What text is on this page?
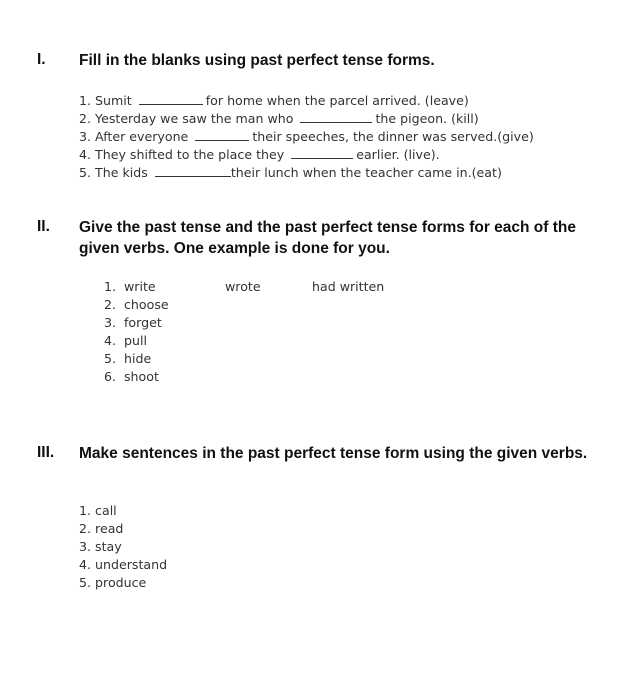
I. Fill in the blanks using past perfect tense forms.
1. Sumit	for home when the parcel arrived. (leave)
2. Yesterday we saw the man who	the pigeon. (kill)
3. After everyone	their speeches, the dinner was served.(give)
4. They shifted to the place they	earlier. (live).
5. The kids	their lunch when the teacher came in.(eat)
II. Give the past tense and the past perfect tense forms for each of the given verbs. One example is done for you.
1. write	wrote	had written
2. choose
3. forget
4. pull
5. hide
6. shoot
III. Make sentences in the past perfect tense form using the given verbs.
1. call
2. read
3. stay
4. understand
5. produce
